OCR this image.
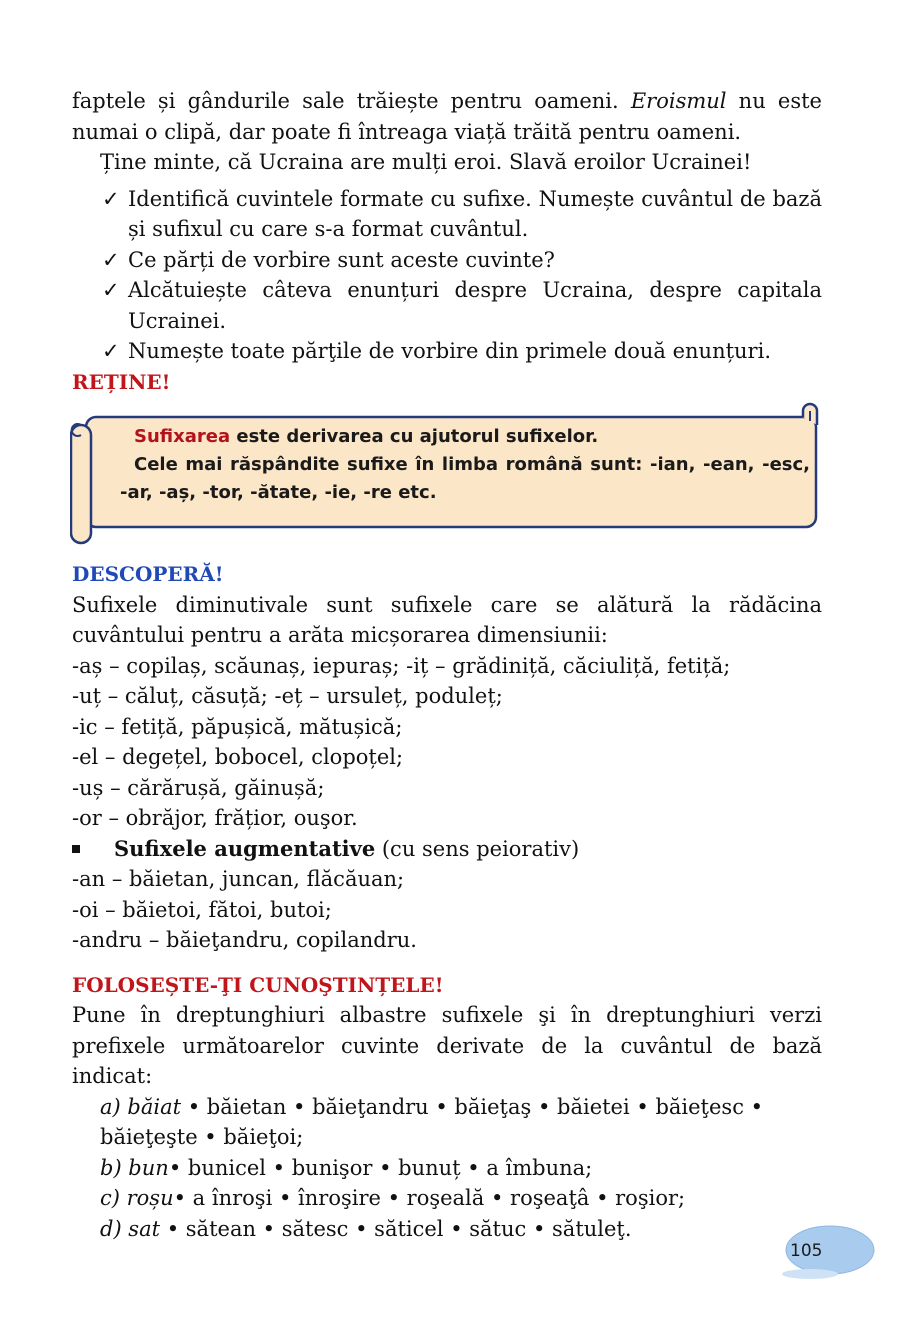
faptele și gândurile sale trăiește pentru oameni. Eroismul nu este numai o clipă, dar poate fi întreaga viață trăită pentru oameni.

Ține minte, că Ucraina are mulți eroi. Slavă eroilor Ucrainei!

✓ Identifică cuvintele formate cu sufixe. Numește cuvântul de bază și sufixul cu care s-a format cuvântul.
✓ Ce părți de vorbire sunt aceste cuvinte?
✓ Alcătuiește câteva enunțuri despre Ucraina, despre capitala Ucrainei.
✓ Numește toate părţile de vorbire din primele două enunțuri.

REȚINE!

Sufixarea este derivarea cu ajutorul sufixelor.
Cele mai răspândite sufixe în limba română sunt: -ian, -ean, -esc, -ar, -aș, -tor, -ătate, -ie, -re etc.

DESCOPERĂ!

Sufixele diminutivale sunt sufixele care se alătură la rădăcina cuvântului pentru a arăta micșorarea dimensiunii:

-aș – copilaș, scăunaș, iepuraș; -iț – grădiniță, căciuliță, fetiță;

-uț – căluț, căsuță; -eț – ursuleț, poduleț;

-ic – fetiță, păpușică, mătușică;

-el – degețel, bobocel, clopoțel;

-uș – cărărușă, găinușă;

-or – obrăjor, frățior, ouşor.

Sufixele augmentative (cu sens peiorativ)

-an – băietan, juncan, flăcăuan;

-oi – băietoi, fătoi, butoi;

-andru – băieţandru, copilandru.

FOLOSEȘTE-ŢI CUNOŞTINȚELE!

Pune în dreptunghiuri albastre sufixele şi în dreptunghiuri verzi prefixele următoarelor cuvinte derivate de la cuvântul de bază indicat:

a) băiat • băietan • băieţandru • băieţaş • băietei • băieţesc • băieţeşte • băieţoi;

b) bun• bunicel • bunişor • bunuț • a îmbuna;

c) roșu• a înroşi • înroşire • roşeală • roşeaţâ • roşior;

d) sat • sătean • sătesc • săticel • sătuc • sătuleţ.

105
